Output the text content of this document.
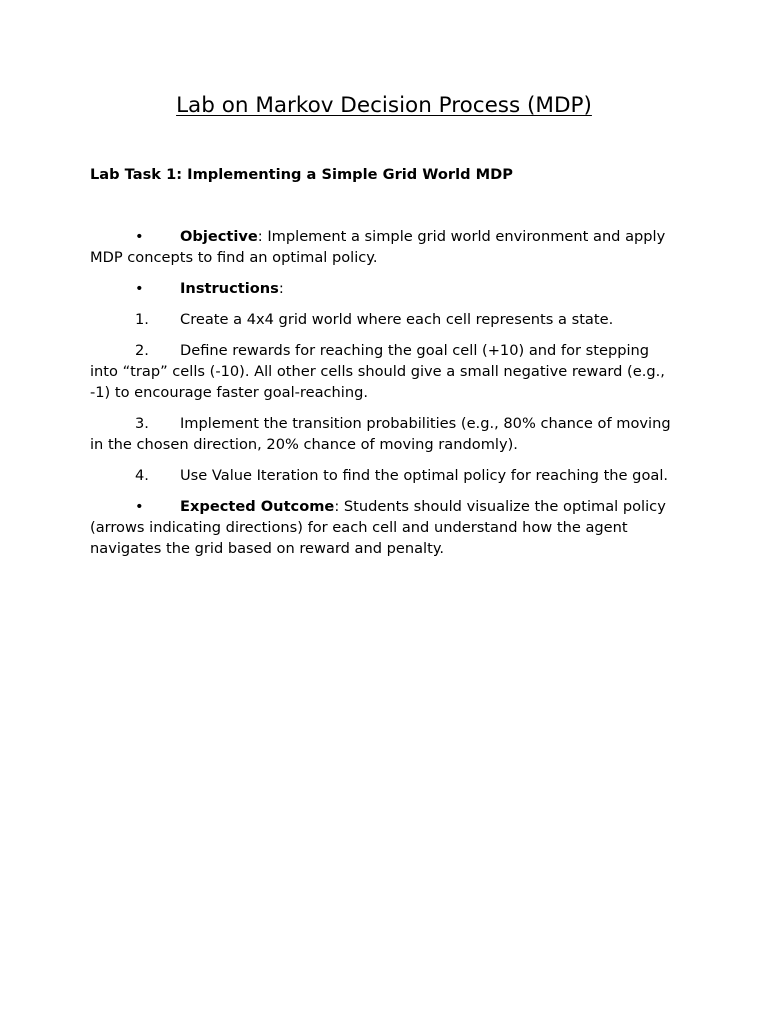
Lab on Markov Decision Process (MDP)
Lab Task 1: Implementing a Simple Grid World MDP

• Objective: Implement a simple grid world environment and apply MDP concepts to find an optimal policy.

• Instructions:

1. Create a 4x4 grid world where each cell represents a state.

2. Define rewards for reaching the goal cell (+10) and for stepping into “trap” cells (-10). All other cells should give a small negative reward (e.g., -1) to encourage faster goal-reaching.

3. Implement the transition probabilities (e.g., 80% chance of moving in the chosen direction, 20% chance of moving randomly).

4. Use Value Iteration to find the optimal policy for reaching the goal.

• Expected Outcome: Students should visualize the optimal policy (arrows indicating directions) for each cell and understand how the agent navigates the grid based on reward and penalty.
